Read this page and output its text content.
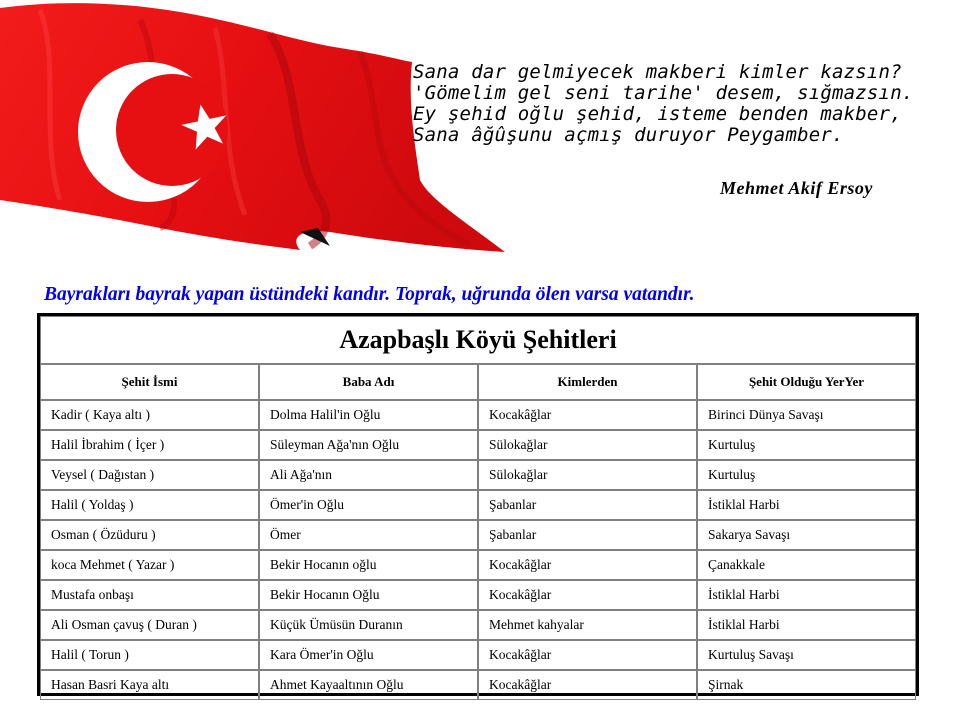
Sana dar gelmiyecek makberi kimler kazsın?
'Gömelim gel seni tarihe' desem, sığmazsın.
Ey şehid oğlu şehid, isteme benden makber,
Sana âğûşunu açmış duruyor Peygamber.
Mehmet Akif Ersoy
Bayrakları bayrak yapan üstündeki kandır. Toprak, uğrunda ölen varsa vatandır.
Azapbaşlı Köyü Şehitleri			
Şehit İsmi	Baba Adı	Kimlerden	Şehit Olduğu YerYer
Kadir ( Kaya altı )	Dolma Halil'in Oğlu	Kocakâğlar	Birinci Dünya Savaşı
Halil İbrahim ( İçer )	Süleyman Ağa'nın Oğlu	Sülokağlar	Kurtuluş
Veysel ( Dağıstan )	Ali Ağa'nın	Sülokağlar	Kurtuluş
Halil ( Yoldaş )	Ömer'in Oğlu	Şabanlar	İstiklal Harbi
Osman ( Özüduru )	Ömer	Şabanlar	Sakarya Savaşı
koca Mehmet ( Yazar )	Bekir Hocanın oğlu	Kocakâğlar	Çanakkale
Mustafa onbaşı	Bekir Hocanın Oğlu	Kocakâğlar	İstiklal Harbi
Ali Osman çavuş ( Duran )	Küçük Ümüsün Duranın	Mehmet kahyalar	İstiklal Harbi
Halil ( Torun )	Kara Ömer'in Oğlu	Kocakâğlar	Kurtuluş Savaşı
Hasan Basri Kaya altı	Ahmet Kayaaltının Oğlu	Kocakâğlar	Şirnak
